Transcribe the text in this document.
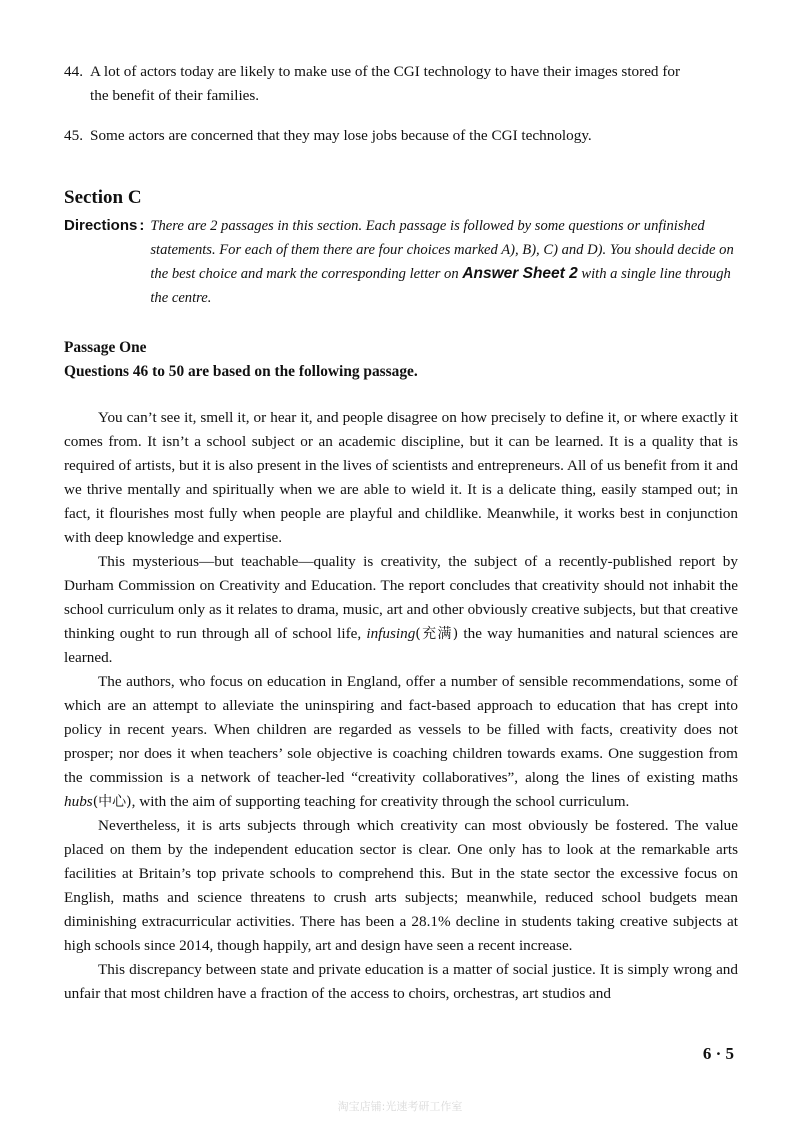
44. A lot of actors today are likely to make use of the CGI technology to have their images stored for
the benefit of their families.
45. Some actors are concerned that they may lose jobs because of the CGI technology.
Section C
Directions : There are 2 passages in this section. Each passage is followed by some questions or unfinished statements. For each of them there are four choices marked A), B), C) and D). You should decide on the best choice and mark the corresponding letter on Answer Sheet 2 with a single line through the centre.
Passage One
Questions 46 to 50 are based on the following passage.

You can’t see it, smell it, or hear it, and people disagree on how precisely to define it, or where exactly it comes from. It isn’t a school subject or an academic discipline, but it can be learned. It is a quality that is required of artists, but it is also present in the lives of scientists and entrepreneurs. All of us benefit from it and we thrive mentally and spiritually when we are able to wield it. It is a delicate thing, easily stamped out; in fact, it flourishes most fully when people are playful and childlike. Meanwhile, it works best in conjunction with deep knowledge and expertise.

This mysterious—but teachable—quality is creativity, the subject of a recently-published report by Durham Commission on Creativity and Education. The report concludes that creativity should not inhabit the school curriculum only as it relates to drama, music, art and other obviously creative subjects, but that creative thinking ought to run through all of school life, infusing(充满) the way humanities and natural sciences are learned.

The authors, who focus on education in England, offer a number of sensible recommendations, some of which are an attempt to alleviate the uninspiring and fact-based approach to education that has crept into policy in recent years. When children are regarded as vessels to be filled with facts, creativity does not prosper; nor does it when teachers’ sole objective is coaching children towards exams. One suggestion from the commission is a network of teacher-led “creativity collaboratives”, along the lines of existing maths hubs(中心), with the aim of supporting teaching for creativity through the school curriculum.

Nevertheless, it is arts subjects through which creativity can most obviously be fostered. The value placed on them by the independent education sector is clear. One only has to look at the remarkable arts facilities at Britain’s top private schools to comprehend this. But in the state sector the excessive focus on English, maths and science threatens to crush arts subjects; meanwhile, reduced school budgets mean diminishing extracurricular activities. There has been a 28.1% decline in students taking creative subjects at high schools since 2014, though happily, art and design have seen a recent increase.

This discrepancy between state and private education is a matter of social justice. It is simply wrong and unfair that most children have a fraction of the access to choirs, orchestras, art studios and

6 · 5
淘宝店铺:光速考研工作室
